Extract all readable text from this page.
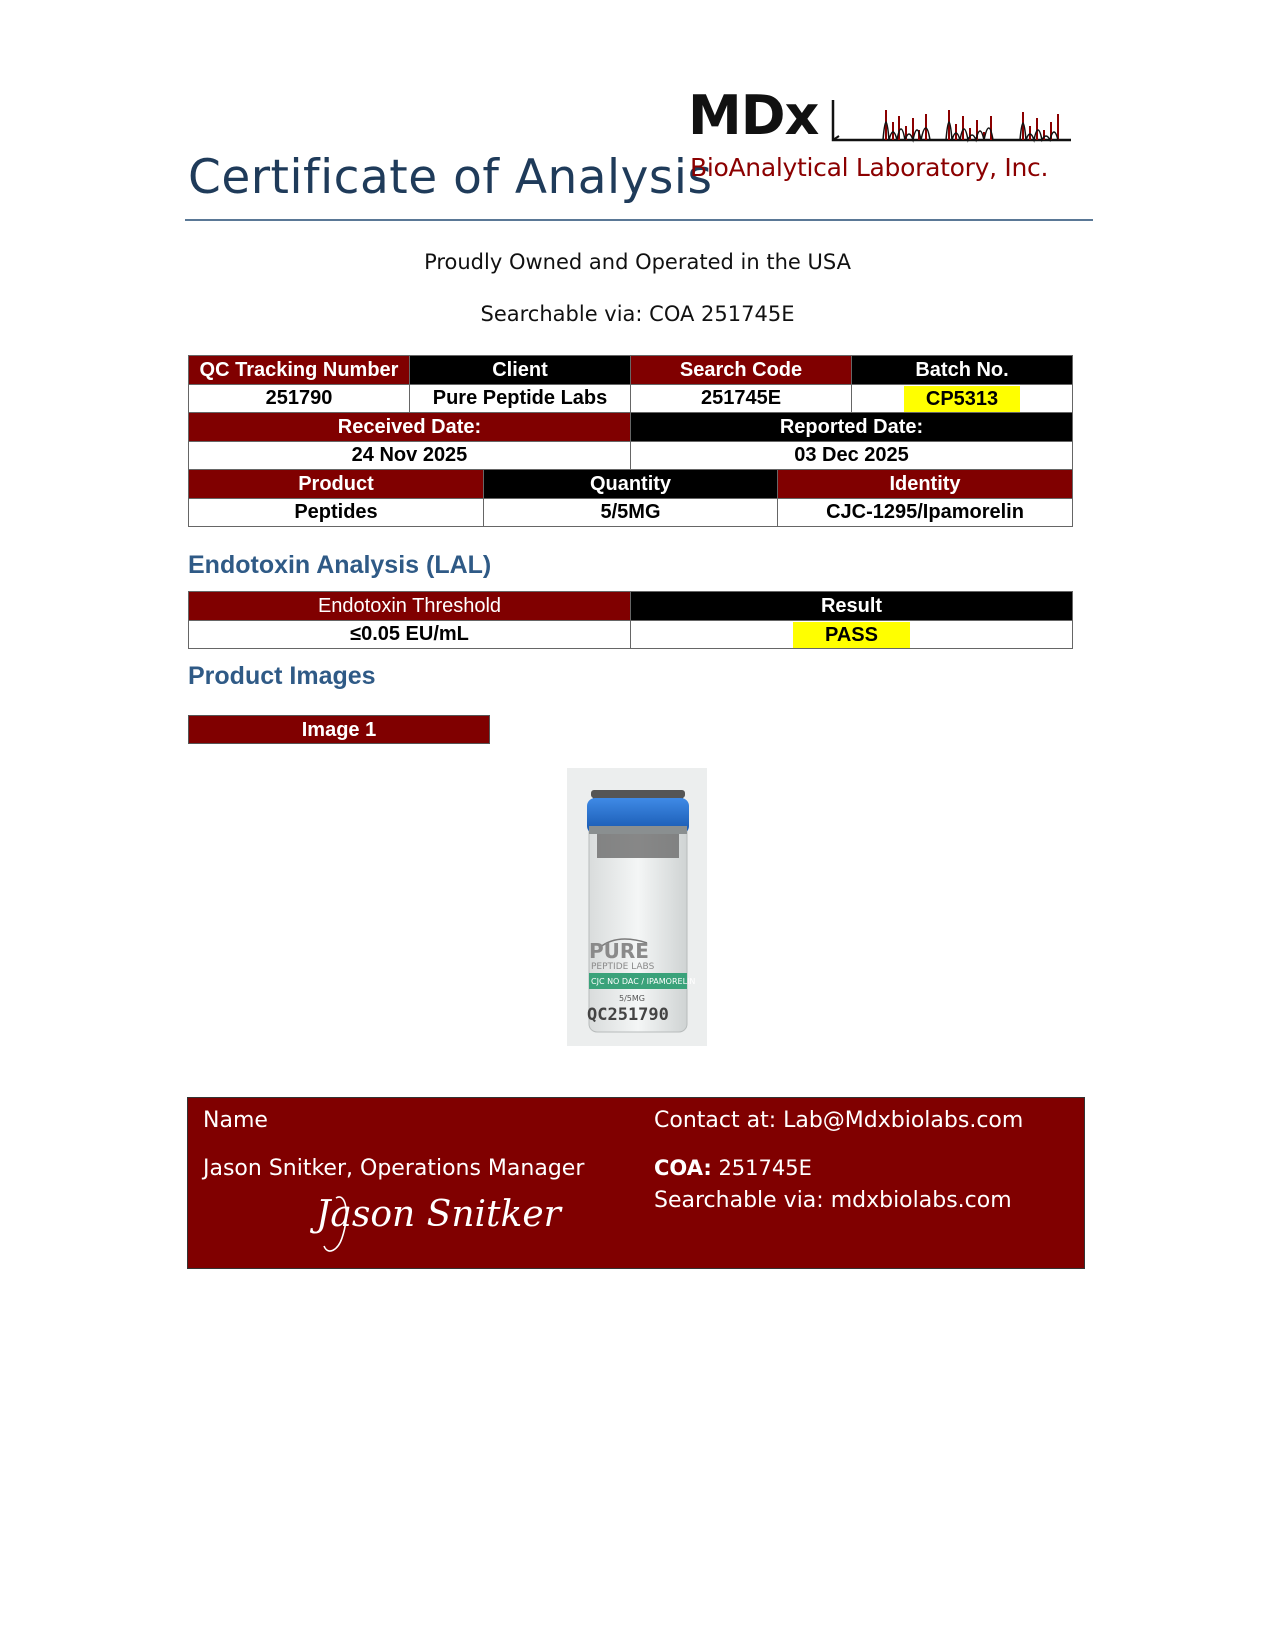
Certificate of Analysis
MDx
BioAnalytical Laboratory, Inc.
Proudly Owned and Operated in the USA
Searchable via: COA 251745E
QC Tracking Number	Client		Search Code		Batch No.
251790	Pure Peptide Labs		251745E		CP5313
Received Date:			Reported Date:		
24 Nov 2025			03 Dec 2025		
Product		Quantity		Identity	
Peptides		5/5MG		CJC-1295/Ipamorelin	
Endotoxin Analysis (LAL)
Endotoxin Threshold	Result
≤0.05 EU/mL	PASS
Product Images
Image 1
PURE
PEPTIDE LABS
CJC NO DAC / IPAMORELIN
5/5MG
QC251790
Name
Jason Snitker, Operations Manager
Jason Snitker
Contact at: Lab@Mdxbiolabs.com
COA: 251745E
Searchable via: mdxbiolabs.com
